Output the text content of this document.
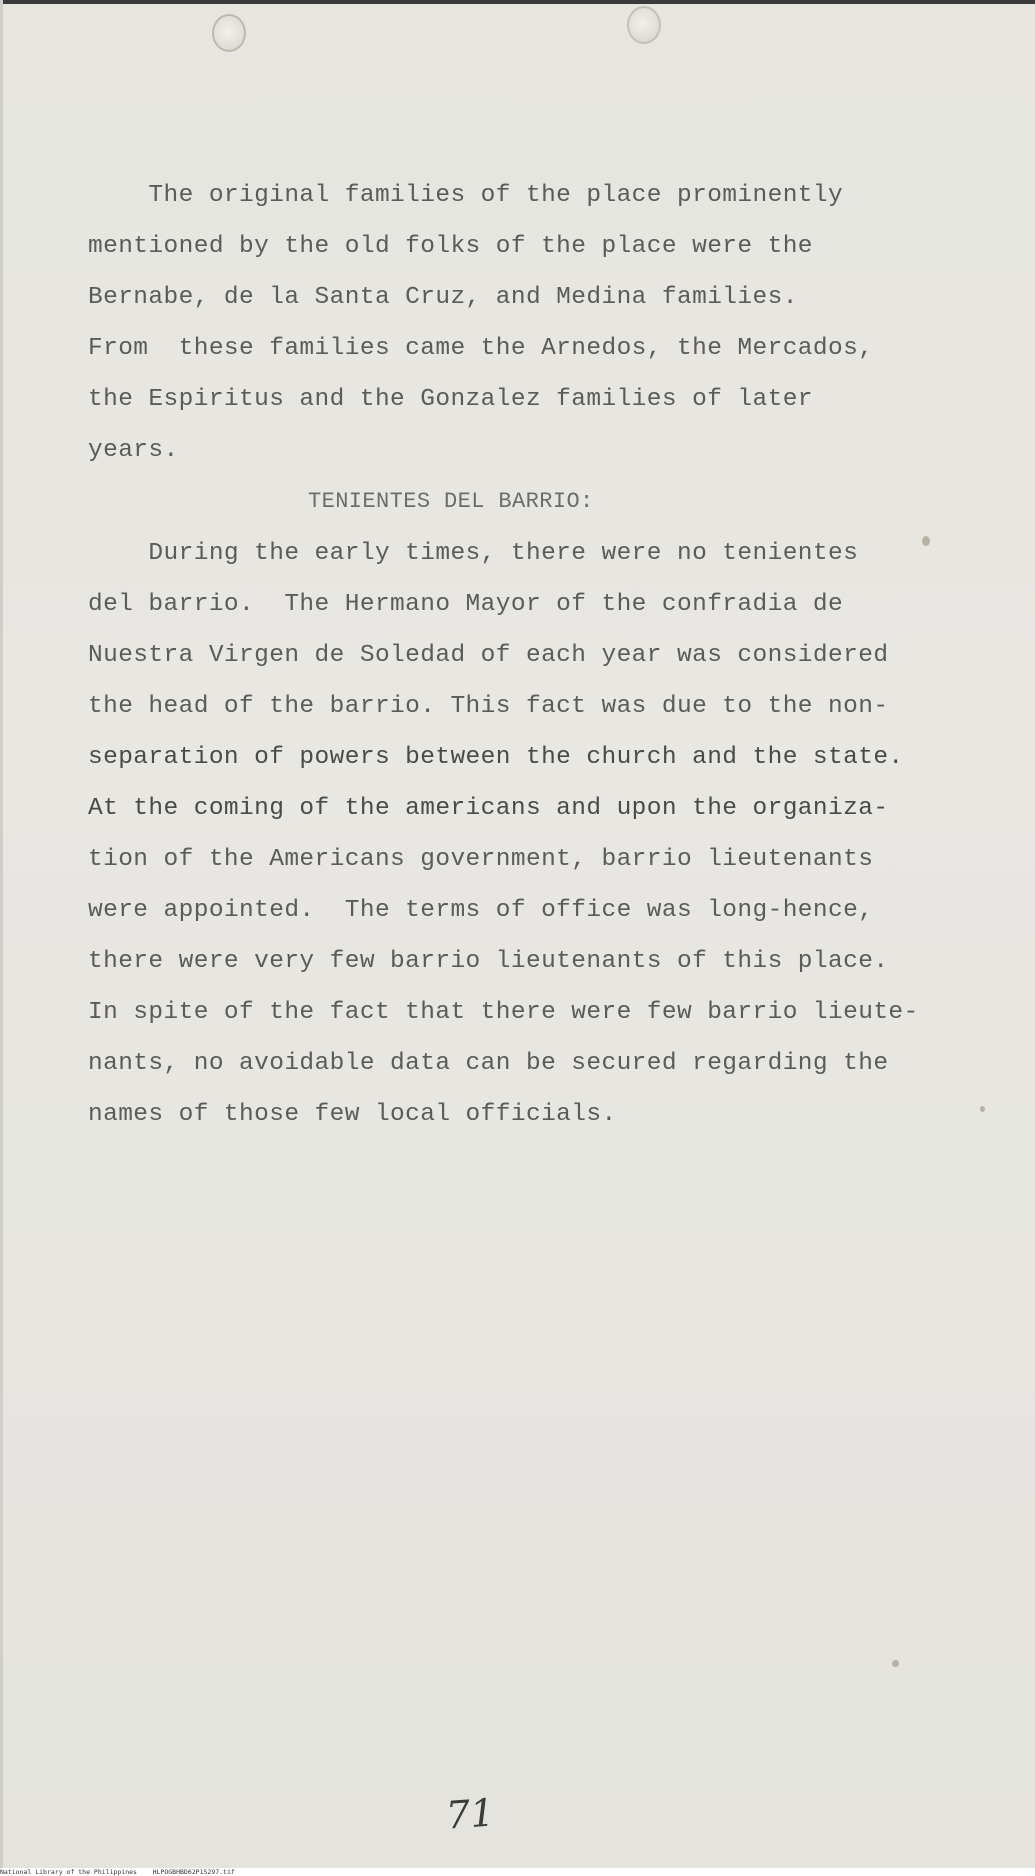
The original families of the place prominently
mentioned by the old folks of the place were the
Bernabe, de la Santa Cruz, and Medina families.
From  these families came the Arnedos, the Mercados,
the Espiritus and the Gonzalez families of later
years.
TENIENTES DEL BARRIO:
During the early times, there were no tenientes
del barrio.  The Hermano Mayor of the confradia de
Nuestra Virgen de Soledad of each year was considered
the head of the barrio. This fact was due to the non-
separation of powers between the church and the state.
At the coming of the americans and upon the organiza-
tion of the Americans government, barrio lieutenants
were appointed.  The terms of office was long-hence,
there were very few barrio lieutenants of this place.
In spite of the fact that there were few barrio lieute-
nants, no avoidable data can be secured regarding the
names of those few local officials.
71
National Library of the Philippines    HLPOGBHBD62P15297.tif
